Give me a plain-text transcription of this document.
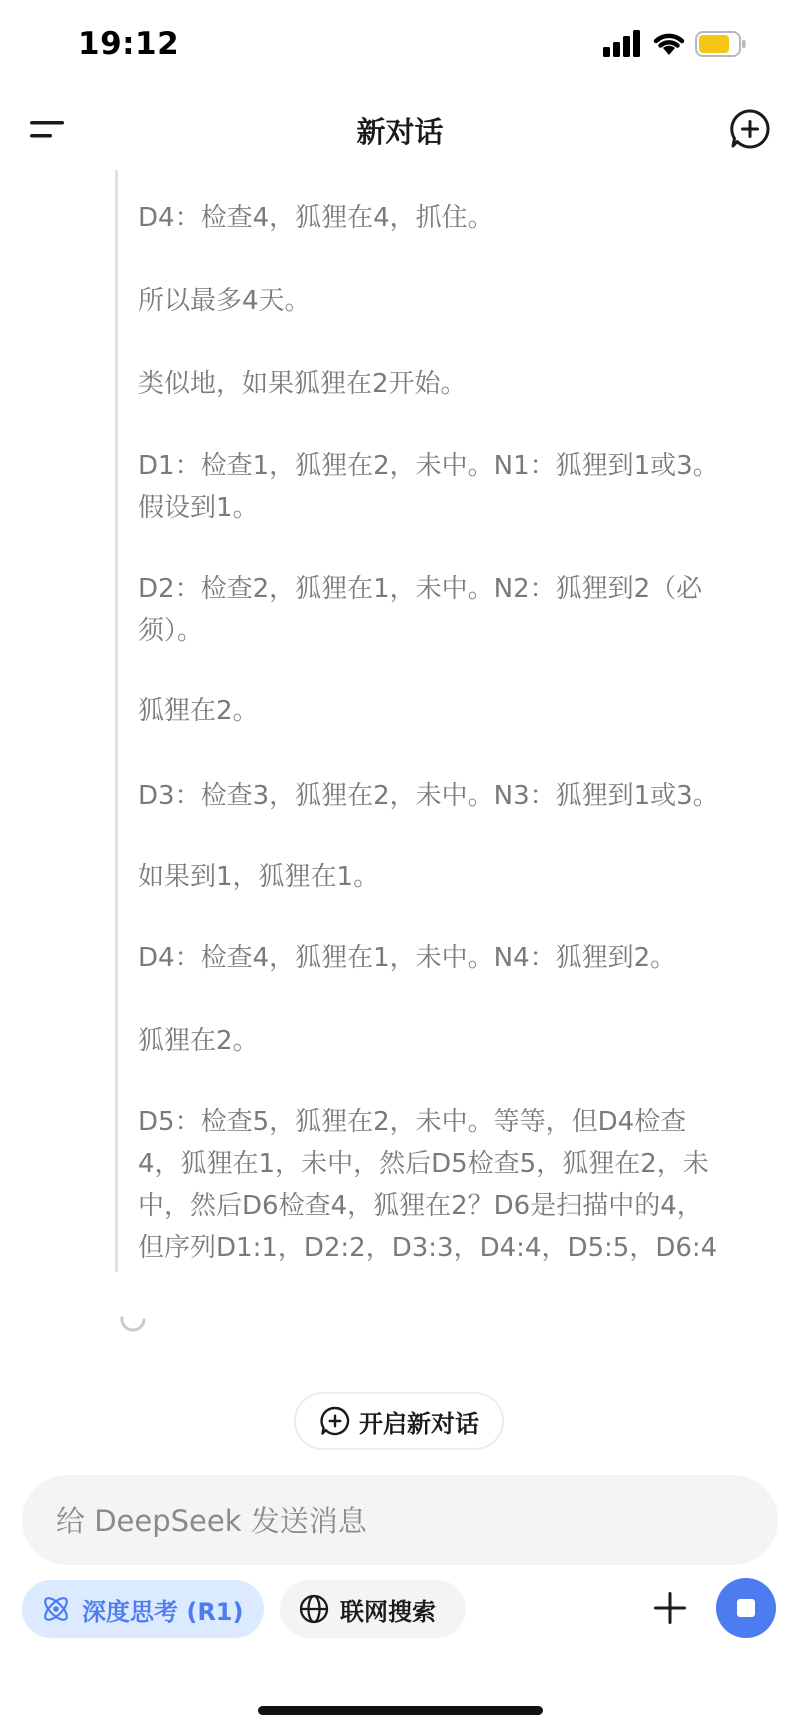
19:12
新对话
D4：检查4，狐狸在4，抓住。
所以最多4天。
类似地，如果狐狸在2开始。
D1：检查1，狐狸在2，未中。N1：狐狸到1或3。
假设到1。
D2：检查2，狐狸在1，未中。N2：狐狸到2（必
须）。
狐狸在2。
D3：检查3，狐狸在2，未中。N3：狐狸到1或3。
如果到1，狐狸在1。
D4：检查4，狐狸在1，未中。N4：狐狸到2。
狐狸在2。
D5：检查5，狐狸在2，未中。等等，但D4检查
4，狐狸在1，未中，然后D5检查5，狐狸在2，未
中，然后D6检查4，狐狸在2？D6是扫描中的4，
但序列D1:1，D2:2，D3:3，D4:4，D5:5，D6:4
开启新对话
给 DeepSeek 发送消息
深度思考 (R1)	联网搜索
